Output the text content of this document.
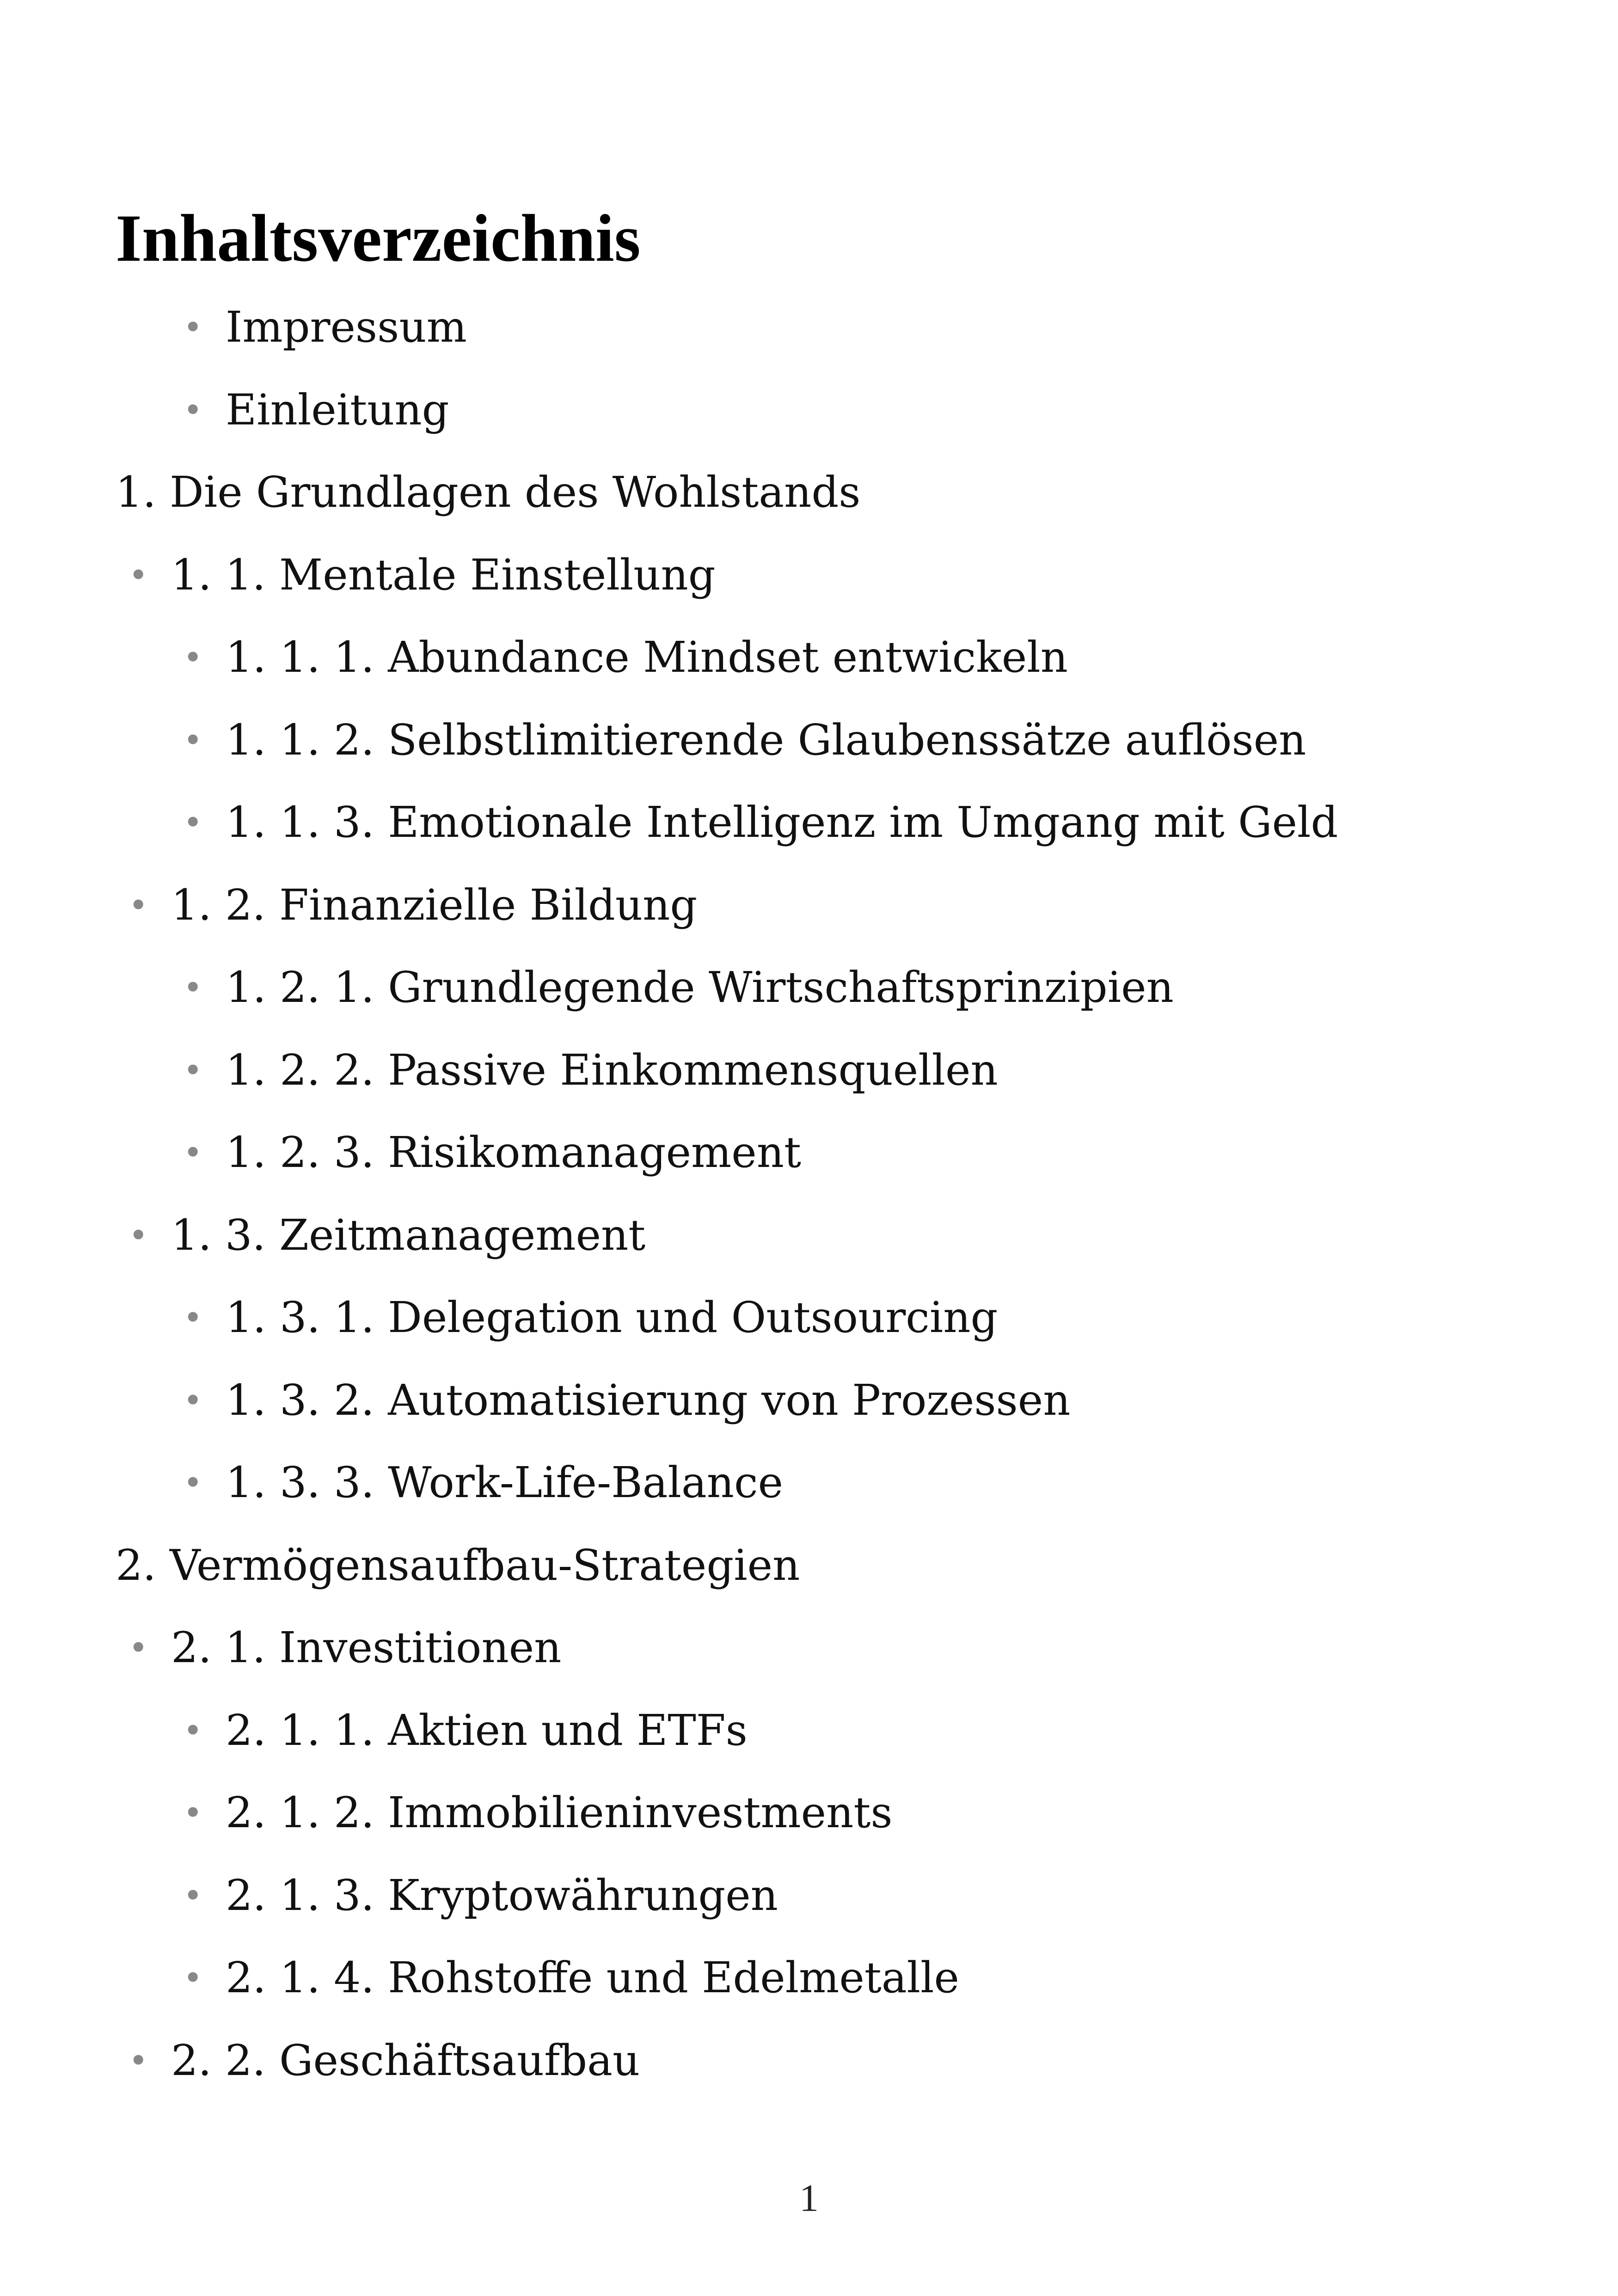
Inhaltsverzeichnis
• Impressum
• Einleitung
1. Die Grundlagen des Wohlstands
• 1. 1. Mentale Einstellung
• 1. 1. 1. Abundance Mindset entwickeln
• 1. 1. 2. Selbstlimitierende Glaubenssätze auflösen
• 1. 1. 3. Emotionale Intelligenz im Umgang mit Geld
• 1. 2. Finanzielle Bildung
• 1. 2. 1. Grundlegende Wirtschaftsprinzipien
• 1. 2. 2. Passive Einkommensquellen
• 1. 2. 3. Risikomanagement
• 1. 3. Zeitmanagement
• 1. 3. 1. Delegation und Outsourcing
• 1. 3. 2. Automatisierung von Prozessen
• 1. 3. 3. Work-Life-Balance
2. Vermögensaufbau-Strategien
• 2. 1. Investitionen
• 2. 1. 1. Aktien und ETFs
• 2. 1. 2. Immobilieninvestments
• 2. 1. 3. Kryptowährungen
• 2. 1. 4. Rohstoffe und Edelmetalle
• 2. 2. Geschäftsaufbau
1
